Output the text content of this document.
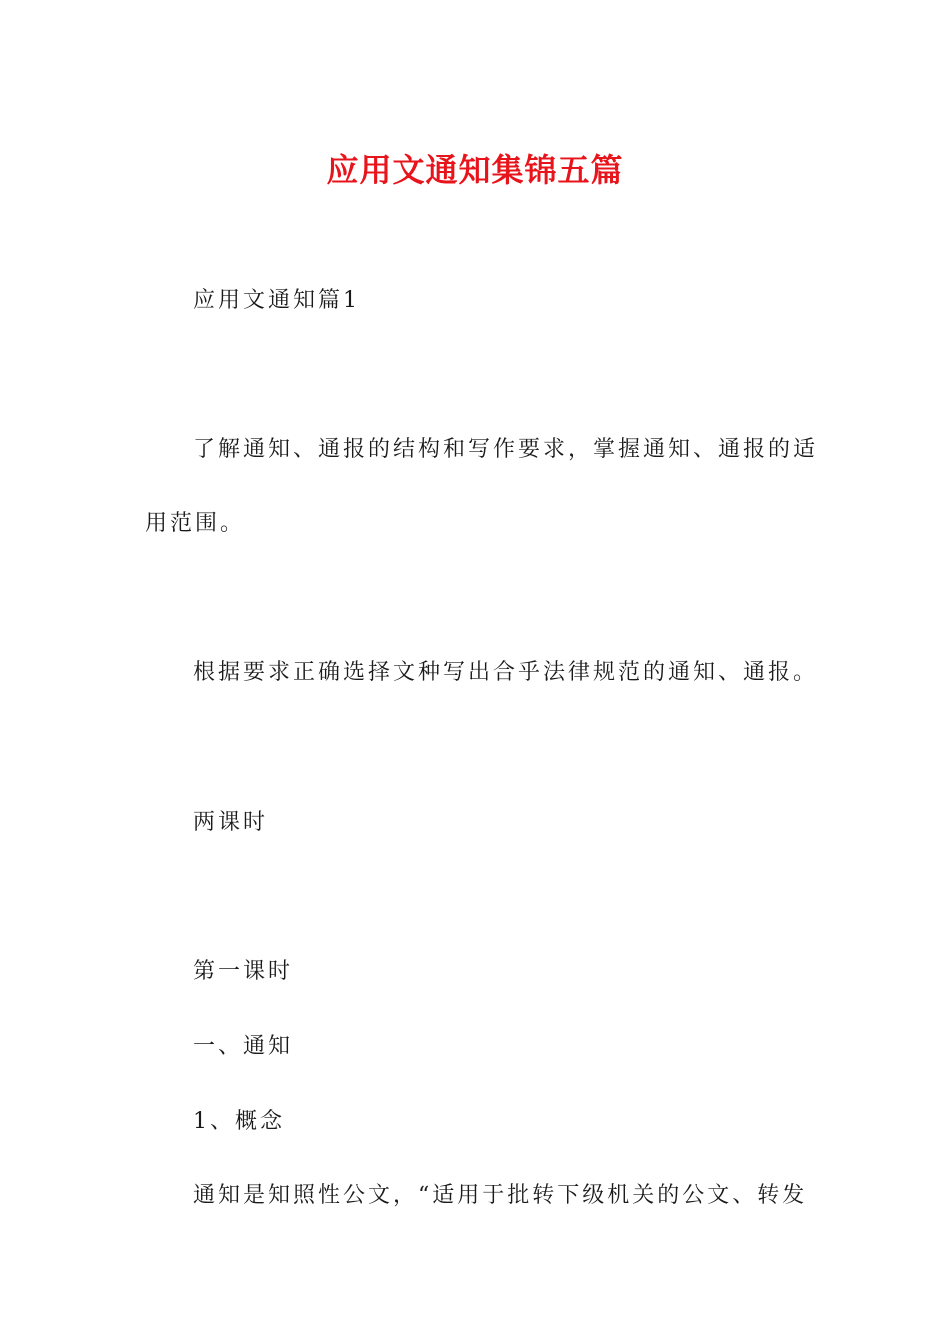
应用文通知集锦五篇

应用文通知篇1

了解通知、通报的结构和写作要求，掌握通知、通报的适

用范围。

根据要求正确选择文种写出合乎法律规范的通知、通报。

两课时

第一课时

一、通知

1、概念

通知是知照性公文，“适用于批转下级机关的公文、转发
